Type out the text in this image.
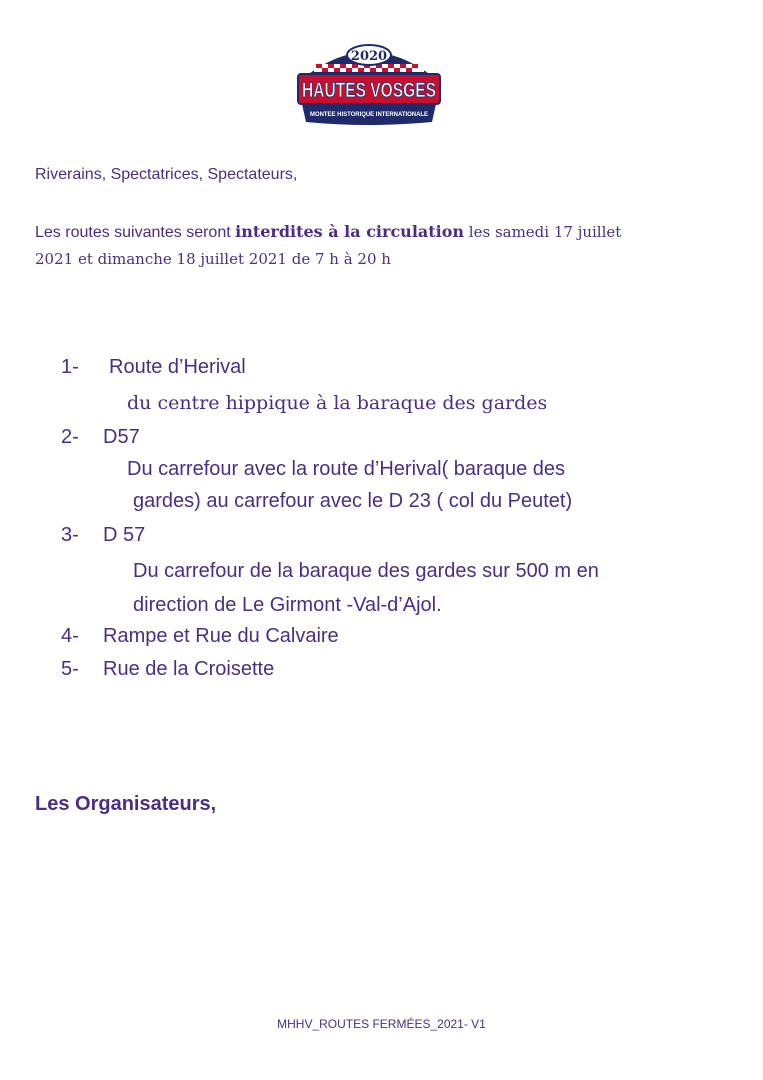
2020
HAUTES VOSGES
MONTEE HISTORIQUE INTERNATIONALE
Riverains, Spectatrices, Spectateurs,
Les routes suivantes seront interdites à la circulation les samedi 17 juillet
2021 et dimanche 18 juillet 2021 de 7 h à 20 h
1- Route d’Herival
du centre hippique à la baraque des gardes
2- D57
Du carrefour avec la route d’Herival( baraque des
gardes) au carrefour avec le D 23 ( col du Peutet)
3- D 57
Du carrefour de la baraque des gardes sur 500 m en
direction de Le Girmont -Val-d’Ajol.
4- Rampe et Rue du Calvaire
5- Rue de la Croisette
Les Organisateurs,
MHHV_ROUTES FERMÉES_2021- V1
